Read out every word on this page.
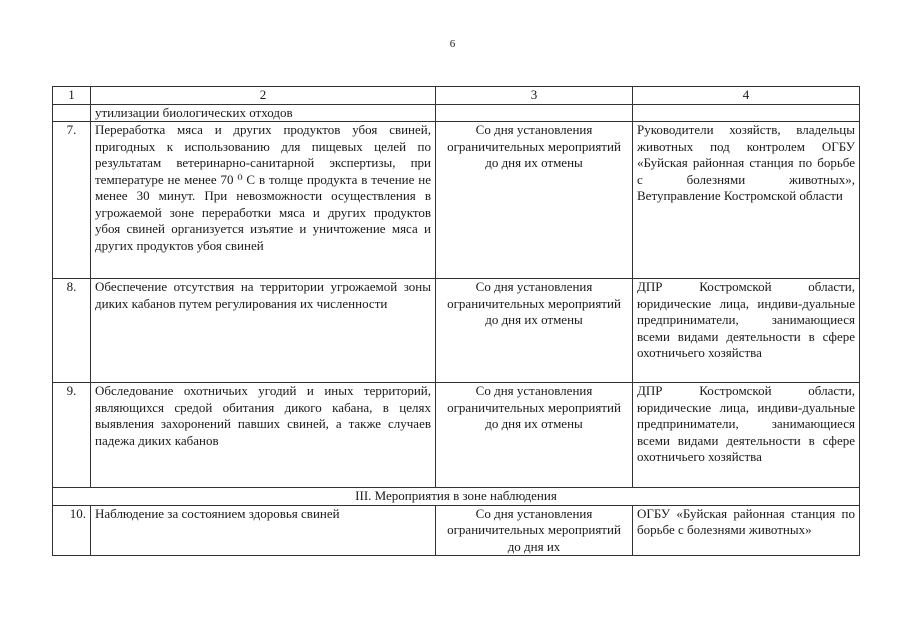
6
1	2	3	4
	утилизации биологических отходов		
7.	Переработка мяса и других продуктов убоя свиней, пригодных к использованию для пищевых целей по результатам ветеринарно-санитарной экспертизы, при температуре не менее 70 ⁰ С в толще продукта в течение не менее 30 минут. При невозможности осуществления в угрожаемой зоне переработки мяса и других продуктов убоя свиней организуется изъятие и уничтожение мяса и других продуктов убоя свиней	Со дня установления ограничительных мероприятий до дня их отмены	Руководители хозяйств, владельцы животных под контролем ОГБУ «Буйская районная станция по борьбе с болезнями животных», Ветуправление Костромской области
8.	Обеспечение отсутствия на территории угрожаемой зоны диких кабанов путем регулирования их численности	Со дня установления ограничительных мероприятий до дня их отмены	ДПР Костромской области, юридические лица, индиви-дуальные предприниматели, занимающиеся всеми видами деятельности в сфере охотничьего хозяйства
9.	Обследование охотничьих угодий и иных территорий, являющихся средой обитания дикого кабана, в целях выявления захоронений павших свиней, а также случаев падежа диких кабанов	Со дня установления ограничительных мероприятий до дня их отмены	ДПР Костромской области, юридические лица, индиви-дуальные предприниматели, занимающиеся всеми видами деятельности в сфере охотничьего хозяйства
III. Мероприятия в зоне наблюдения			
10.	Наблюдение за состоянием здоровья свиней	Со дня установления ограничительных мероприятий до дня их	ОГБУ «Буйская районная станция по борьбе с болезнями животных»
